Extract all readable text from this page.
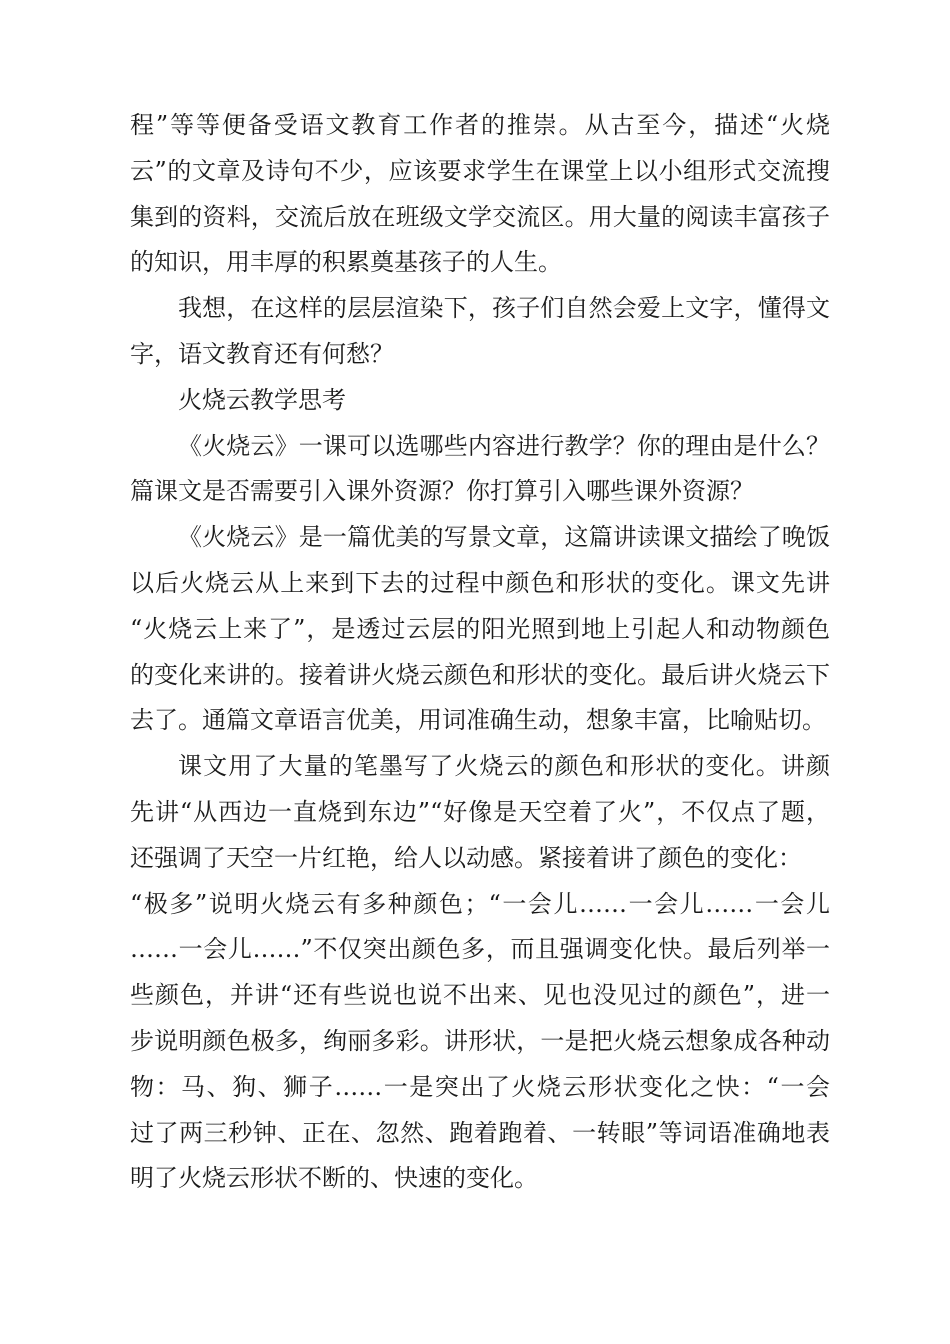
程”等等便备受语文教育工作者的推崇。从古至今，描述“火烧
云”的文章及诗句不少，应该要求学生在课堂上以小组形式交流搜
集到的资料，交流后放在班级文学交流区。用大量的阅读丰富孩子
的知识，用丰厚的积累奠基孩子的人生。
我想，在这样的层层渲染下，孩子们自然会爱上文字，懂得文
字，语文教育还有何愁？
火烧云教学思考
《火烧云》一课可以选哪些内容进行教学？你的理由是什么？
篇课文是否需要引入课外资源？你打算引入哪些课外资源？
《火烧云》是一篇优美的写景文章，这篇讲读课文描绘了晚饭
以后火烧云从上来到下去的过程中颜色和形状的变化。课文先讲
“火烧云上来了”，是透过云层的阳光照到地上引起人和动物颜色
的变化来讲的。接着讲火烧云颜色和形状的变化。最后讲火烧云下
去了。通篇文章语言优美，用词准确生动，想象丰富，比喻贴切。
课文用了大量的笔墨写了火烧云的颜色和形状的变化。讲颜
先讲“从西边一直烧到东边”“好像是天空着了火”，不仅点了题，
还强调了天空一片红艳，给人以动感。紧接着讲了颜色的变化：
“极多”说明火烧云有多种颜色；“一会儿……一会儿……一会儿
……一会儿……”不仅突出颜色多，而且强调变化快。最后列举一
些颜色，并讲“还有些说也说不出来、见也没见过的颜色”，进一
步说明颜色极多，绚丽多彩。讲形状，一是把火烧云想象成各种动
物：马、狗、狮子……一是突出了火烧云形状变化之快：“一会
过了两三秒钟、正在、忽然、跑着跑着、一转眼”等词语准确地表
明了火烧云形状不断的、快速的变化。
